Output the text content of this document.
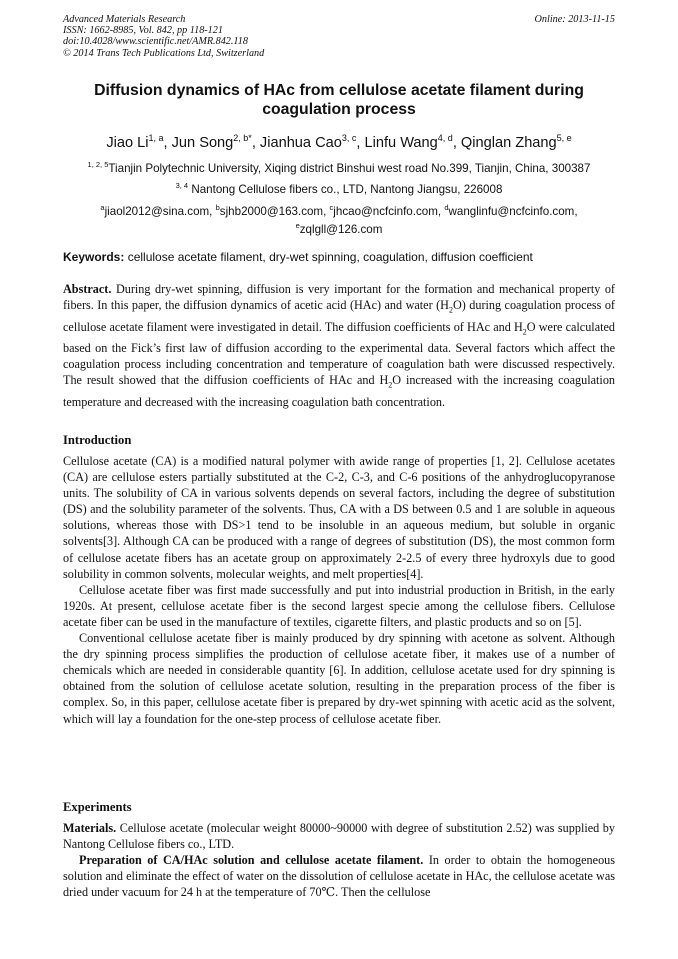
Advanced Materials Research
ISSN: 1662-8985, Vol. 842, pp 118-121
doi:10.4028/www.scientific.net/AMR.842.118
© 2014 Trans Tech Publications Ltd, Switzerland
Online: 2013-11-15
Diffusion dynamics of HAc from cellulose acetate filament during
coagulation process
Jiao Li$^{1, a}$, Jun Song$^{2, b*}$, Jianhua Cao$^{3, c}$, Linfu Wang$^{4, d}$, Qinglan Zhang$^{5, e}$
$^{1, 2, 5}$Tianjin Polytechnic University, Xiqing district Binshui west road No.399, Tianjin, China, 300387
$^{3, 4}$ Nantong Cellulose fibers co., LTD, Nantong Jiangsu, 226008
$^a$jiaol2012@sina.com, $^b$sjhb2000@163.com, $^c$jhcao@ncfcinfo.com, $^d$wanglinfu@ncfcinfo.com,
$^e$zqlgll@126.com
Keywords: cellulose acetate filament, dry-wet spinning, coagulation, diffusion coefficient

Abstract. During dry-wet spinning, diffusion is very important for the formation and mechanical property of fibers. In this paper, the diffusion dynamics of acetic acid (HAc) and water $(H_2O)$ during coagulation process of cellulose acetate filament were investigated in detail. The diffusion coefficients of HAc and $H_2O$ were calculated based on the Fick’s first law of diffusion according to the experimental data. Several factors which affect the coagulation process including concentration and temperature of coagulation bath were discussed respectively. The result showed that the diffusion coefficients of HAc and $H_2O$ increased with the increasing coagulation temperature and decreased with the increasing coagulation bath concentration.

Introduction

Cellulose acetate (CA) is a modified natural polymer with awide range of properties [1, 2]. Cellulose acetates (CA) are cellulose esters partially substituted at the C-2, C-3, and C-6 positions of the anhydroglucopyranose units. The solubility of CA in various solvents depends on several factors, including the degree of substitution (DS) and the solubility parameter of the solvents. Thus, CA with a DS between 0.5 and 1 are soluble in aqueous solutions, whereas those with DS>1 tend to be insoluble in an aqueous medium, but soluble in organic solvents[3]. Although CA can be produced with a range of degrees of substitution (DS), the most common form of cellulose acetate fibers has an acetate group on approximately 2-2.5 of every three hydroxyls due to good solubility in common solvents, molecular weights, and melt properties[4].

Cellulose acetate fiber was first made successfully and put into industrial production in British, in the early 1920s. At present, cellulose acetate fiber is the second largest specie among the cellulose fibers. Cellulose acetate fiber can be used in the manufacture of textiles, cigarette filters, and plastic products and so on [5].

Conventional cellulose acetate fiber is mainly produced by dry spinning with acetone as solvent. Although the dry spinning process simplifies the production of cellulose acetate fiber, it makes use of a number of chemicals which are needed in considerable quantity [6]. In addition, cellulose acetate used for dry spinning is obtained from the solution of cellulose acetate solution, resulting in the preparation process of the fiber is complex. So, in this paper, cellulose acetate fiber is prepared by dry-wet spinning with acetic acid as the solvent, which will lay a foundation for the one-step process of cellulose acetate fiber.

Experiments

Materials. Cellulose acetate (molecular weight 80000~90000 with degree of substitution 2.52) was supplied by Nantong Cellulose fibers co., LTD.

Preparation of CA/HAc solution and cellulose acetate filament. In order to obtain the homogeneous solution and eliminate the effect of water on the dissolution of cellulose acetate in HAc, the cellulose acetate was dried under vacuum for 24 h at the temperature of 70℃. Then the cellulose
